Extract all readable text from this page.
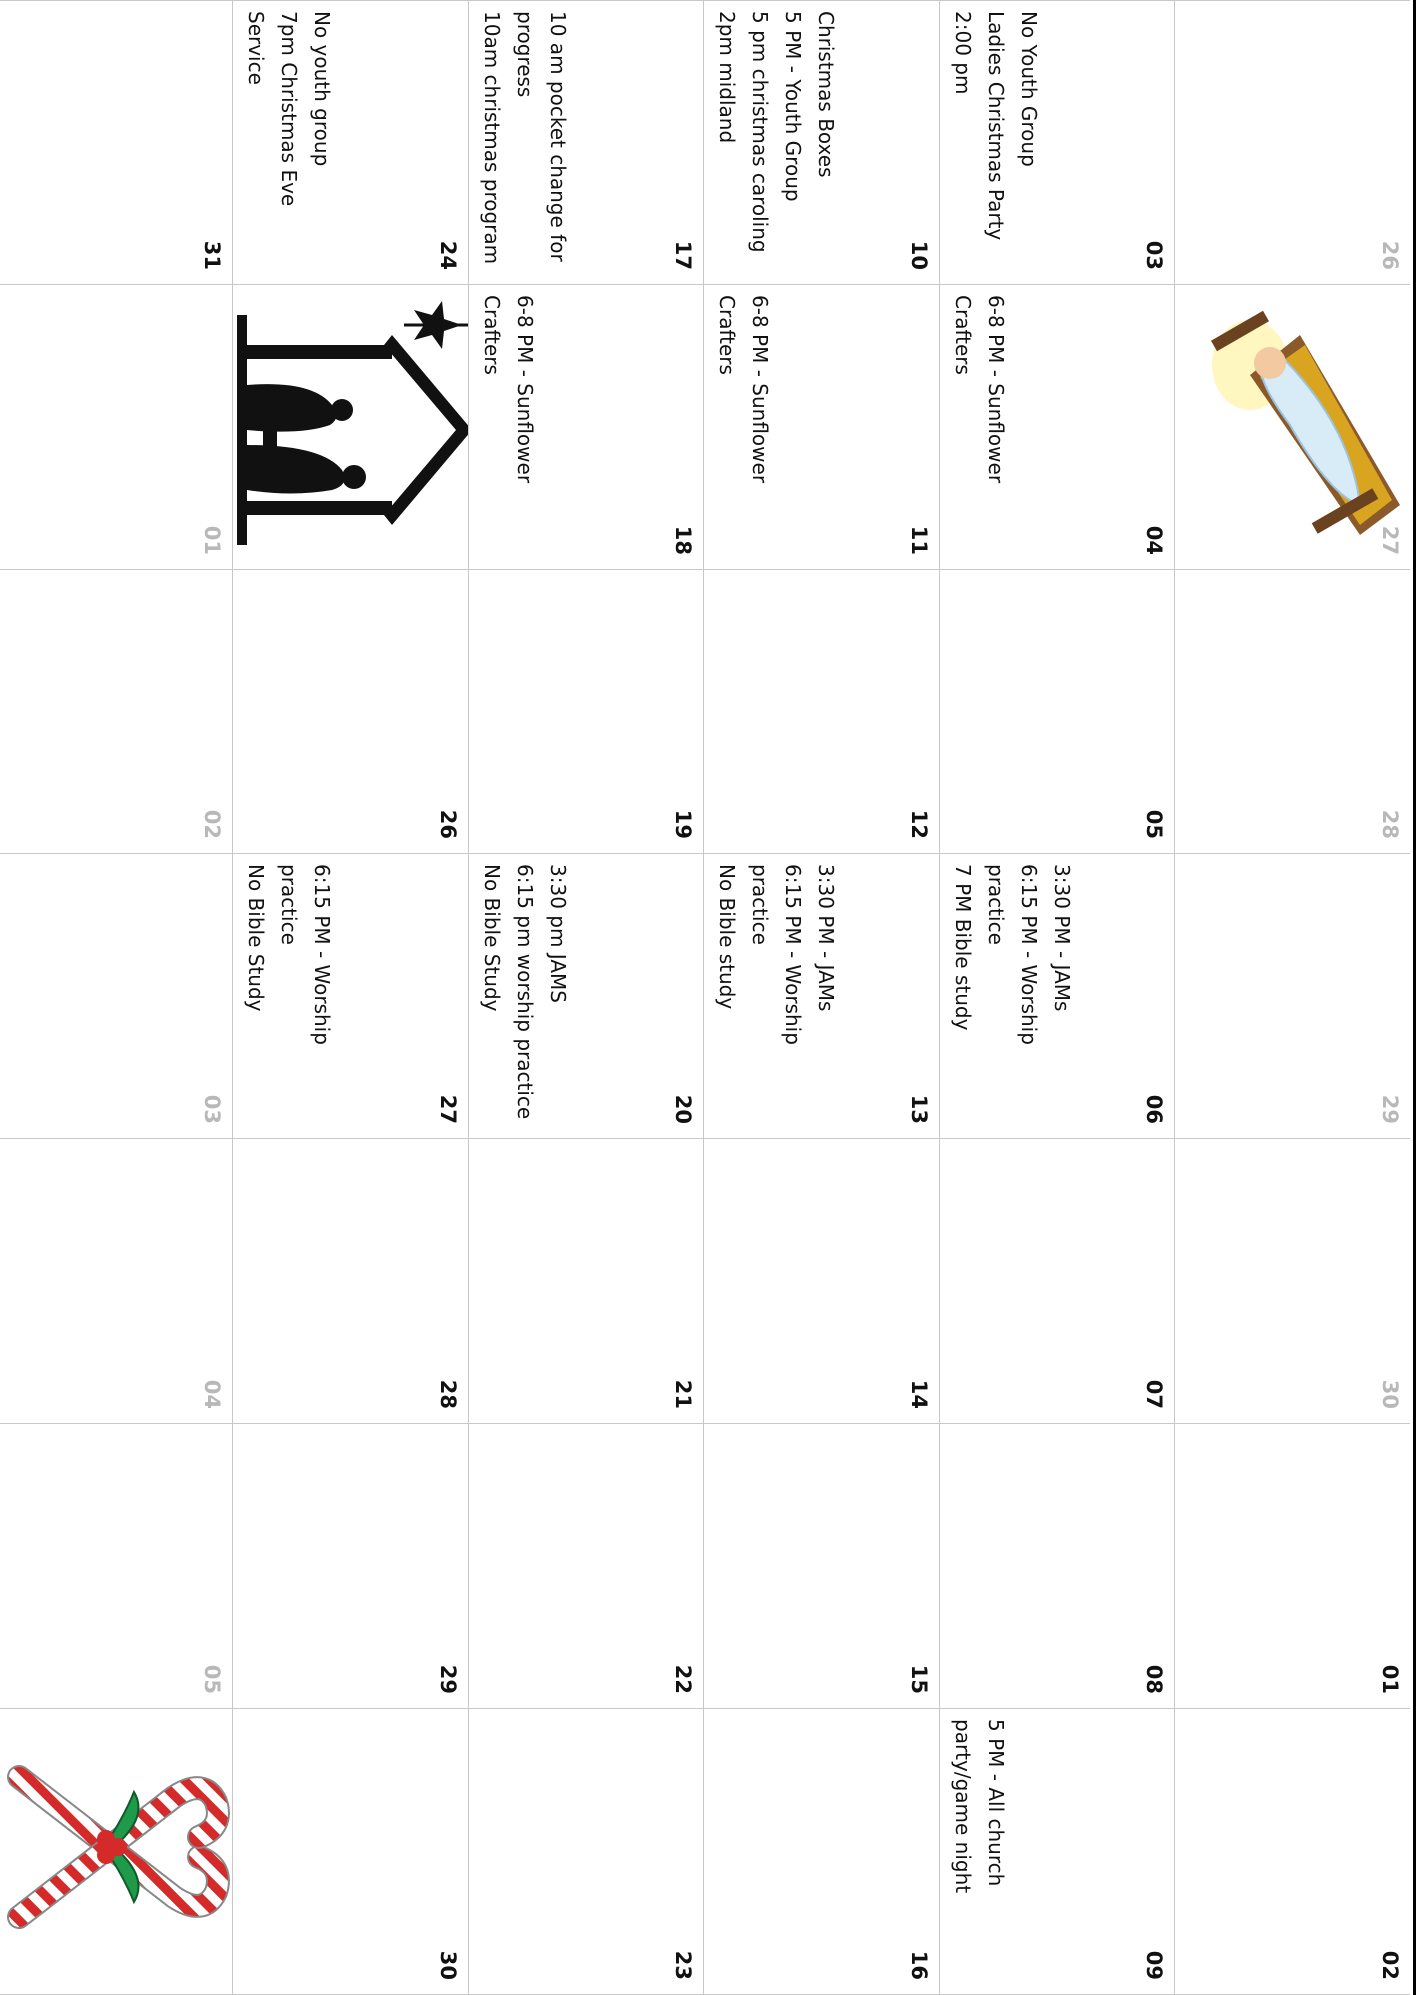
26
27
28
29
30
01
02
03
No Youth Group
Ladies Christmas Party
2:00 pm
04
6-8 PM - Sunflower
Crafters
05
06
3:30 PM - JAMs
6:15 PM - Worship
practice
7 PM Bible study
07
08
09
5 PM - All church
party/game night
10
Christmas Boxes
5 PM - Youth Group
5 pm christmas caroling
2pm midland
11
6-8 PM - Sunflower
Crafters
12
13
3:30 PM - JAMs
6:15 PM - Worship
practice
No Bible study
14
15
16
17
10 am pocket change for
progress
10am christmas program
18
6-8 PM - Sunflower
Crafters
19
20
3:30 pm JAMS
6:15 pm worship practice
No Bible Study
21
22
23
24
No youth group
7pm Christmas Eve
Service
26
27
6:15 PM - Worship
practice
No Bible Study
28
29
30
31
01
02
03
04
05
